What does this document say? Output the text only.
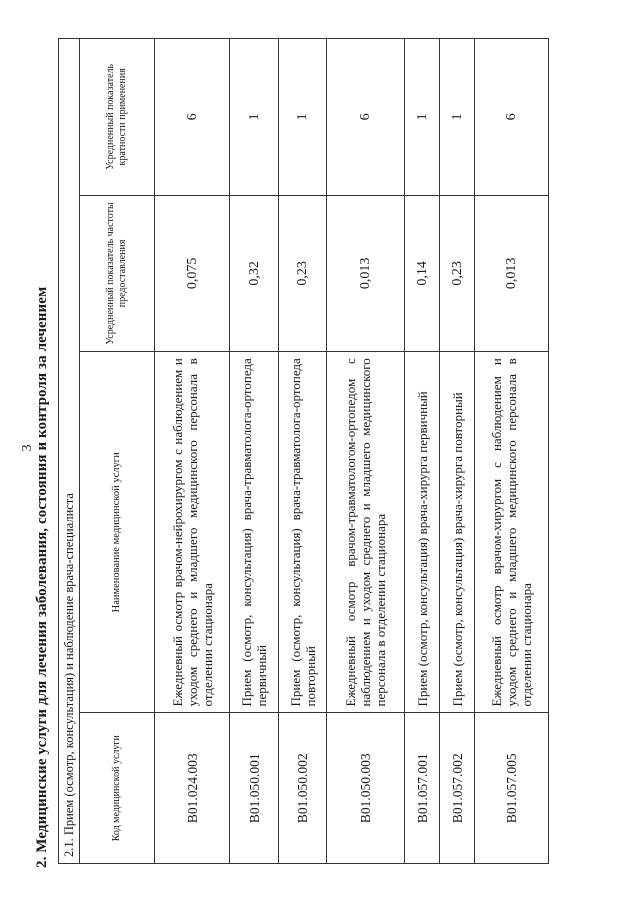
3 2. Медицинские услуги для лечения заболевания, состояния и контроля за лечением 2.1. Прием (осмотр, консультация) и наблюдение врача-специалиста			
Код медицинской услуги	Наименование медицинской услуги	Усредненный показатель частоты предоставления	Усредненный показатель кратности применения
B01.024.003	Ежедневный осмотр врачом-нейрохирургом с наблюдением и уходом среднего и младшего медицинского персонала в отделении стационара	0,075	6
B01.050.001	Прием (осмотр, консультация) врача-травматолога-ортопеда первичный	0,32	1
B01.050.002	Прием (осмотр, консультация) врача-травматолога-ортопеда повторный	0,23	1
B01.050.003	Ежедневный осмотр врачом-травматологом-ортопедом с наблюдением и уходом среднего и младшего медицинского персонала в отделении стационара	0,013	6
B01.057.001	Прием (осмотр, консультация) врача-хирурга первичный	0,14	1
B01.057.002	Прием (осмотр, консультация) врача-хирурга повторный	0,23	1
B01.057.005	Ежедневный осмотр врачом-хирургом с наблюдением и уходом среднего и младшего медицинского персонала в отделении стационара	0,013	6
